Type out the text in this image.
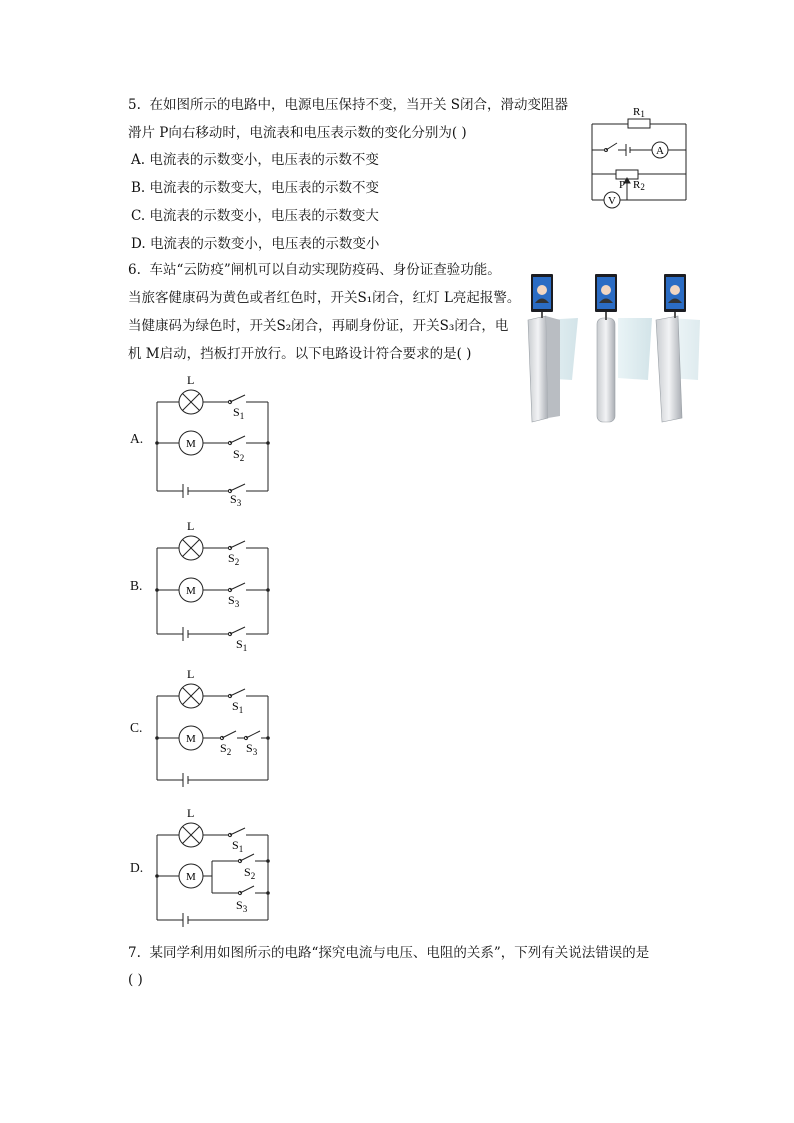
5. 在如图所示的电路中，电源电压保持不变，当开关 S闭合，滑动变阻器
滑片 P向右移动时，电流表和电压表示数的变化分别为( )
A. 电流表的示数变小，电压表的示数不变
B. 电流表的示数变大，电压表的示数不变
C. 电流表的示数变小，电压表的示数变大
D. 电流表的示数变小，电压表的示数变小
R1
A
V
P R2
6. 车站“云防疫”闸机可以自动实现防疫码、身份证查验功能。
当旅客健康码为黄色或者红色时，开关S₁闭合，红灯 L亮起报警。
当健康码为绿色时，开关S₂闭合，再刷身份证，开关S₃闭合，电
机 M启动，挡板打开放行。以下电路设计符合要求的是( )
A.
L
M
$S_1$
$S_2$
$S_3$
B.
L
M
$S_2$
$S_3$
$S_1$
C.
L
M
$S_1$
$S_2$ $S_3$
D.
L
M
$S_1$
$S_2$
$S_3$
7. 某同学利用如图所示的电路“探究电流与电压、电阻的关系”，下列有关说法错误的是
( )
